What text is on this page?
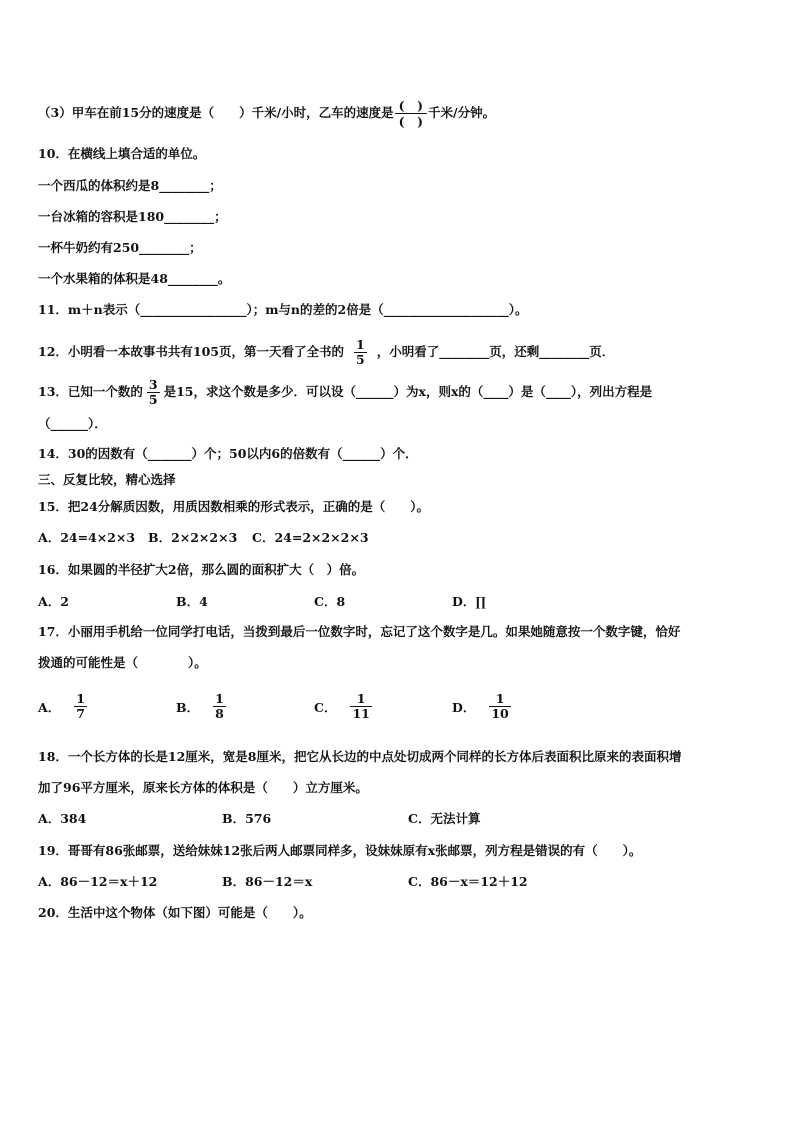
（3）甲车在前15分的速度是（　　）千米/小时，乙车的速度是 $\frac{( )}{( )}$ 千米/分钟。
10．在横线上填合适的单位。
一个西瓜的体积约是8________；
一台冰箱的容积是180________；
一杯牛奶约有250________；
一个水果箱的体积是48________。
11．m＋n表示（_________________）；m与n的差的2倍是（____________________）。
12．小明看一本故事书共有105页，第一天看了全书的 $\frac{1}{5}$ ，小明看了________页，还剩________页．
13．已知一个数的 $\frac{3}{5}$ 是15，求这个数是多少．可以设（______）为x，则x的（____）是（____），列出方程是
（______）．
14．30的因数有（_______）个；50以内6的倍数有（______）个．
三、反复比较，精心选择
15．把24分解质因数，用质因数相乘的形式表示，正确的是（　　）。
A．24=4×2×3 B．2×2×2×3 C．24=2×2×2×3
16．如果圆的半径扩大2倍，那么圆的面积扩大（　）倍。
A．2	B．4	C．8	D．∏
17．小丽用手机给一位同学打电话，当拨到最后一位数字时，忘记了这个数字是几。如果她随意按一个数字键，恰好
拨通的可能性是（　　　　）。
A． $\frac{1}{7}$	B． $\frac{1}{8}$	C． $\frac{1}{11}$	D． $\frac{1}{10}$
18．一个长方体的长是12厘米，宽是8厘米，把它从长边的中点处切成两个同样的长方体后表面积比原来的表面积增
加了96平方厘米，原来长方体的体积是（　　）立方厘米。
A．384	B．576	C．无法计算
19．哥哥有86张邮票，送给妹妹12张后两人邮票同样多，设妹妹原有x张邮票，列方程是错误的有（　　）。
A．86－12＝x＋12	B．86－12＝x	C．86－x＝12＋12
20．生活中这个物体（如下图）可能是（　　）。
